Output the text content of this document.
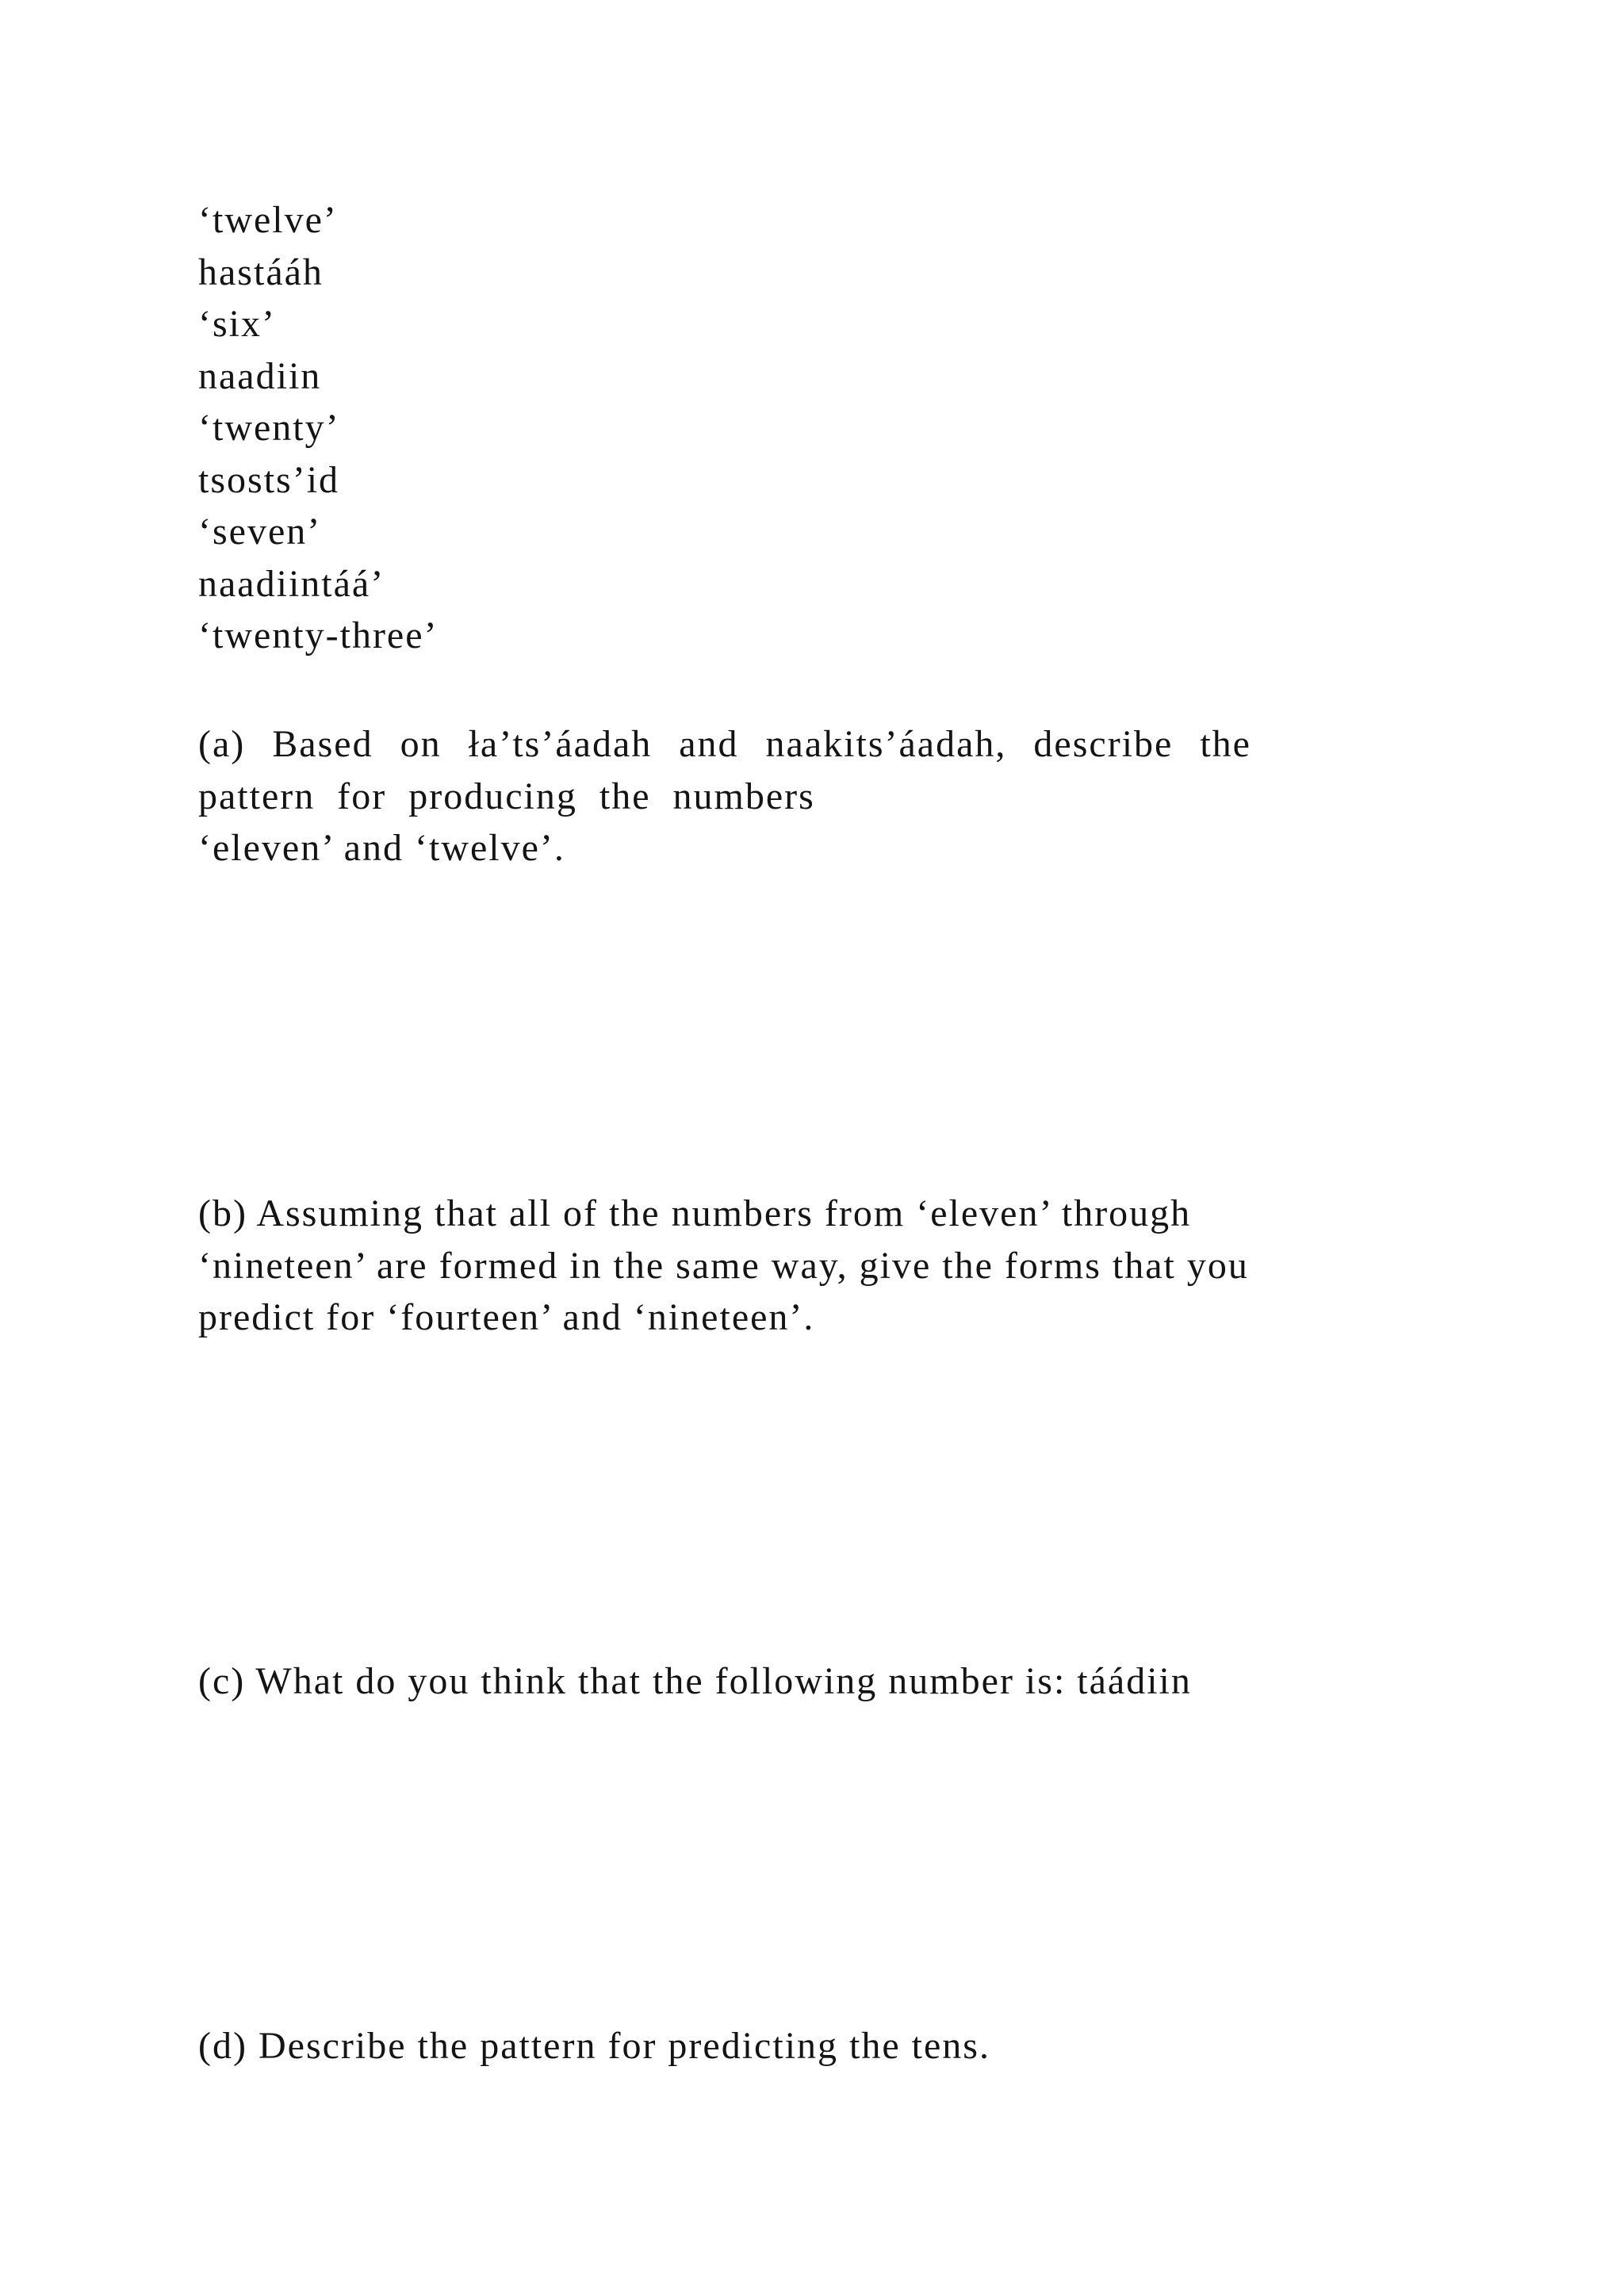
‘twelve’
hastááh
‘six’
naadiin
‘twenty’
tsosts’id
‘seven’
naadiintáá’
‘twenty-three’

(a) Based on ła’ts’áadah and naakits’áadah, describe the
pattern for producing the numbers
‘eleven’ and ‘twelve’.

(b) Assuming that all of the numbers from ‘eleven’ through
‘nineteen’ are formed in the same way, give the forms that you
predict for ‘fourteen’ and ‘nineteen’.

(c) What do you think that the following number is: táádiin

(d) Describe the pattern for predicting the tens.
